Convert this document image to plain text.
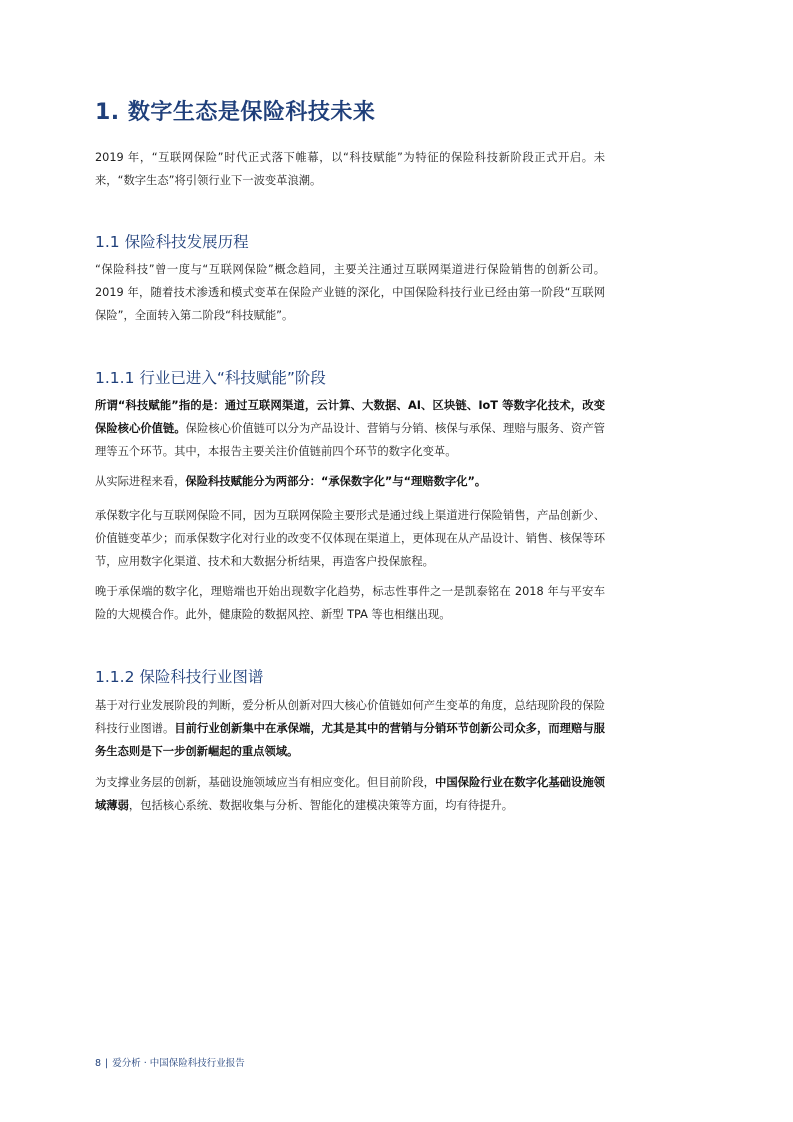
1. 数字生态是保险科技未来
2019 年，“互联网保险”时代正式落下帷幕，以“科技赋能”为特征的保险科技新阶段正式开启。未来，“数字生态”将引领行业下一波变革浪潮。
1.1 保险科技发展历程
“保险科技”曾一度与“互联网保险”概念趋同，主要关注通过互联网渠道进行保险销售的创新公司。2019 年，随着技术渗透和模式变革在保险产业链的深化，中国保险科技行业已经由第一阶段“互联网保险”，全面转入第二阶段“科技赋能”。
1.1.1 行业已进入“科技赋能”阶段
所谓“科技赋能”指的是：通过互联网渠道，云计算、大数据、AI、区块链、IoT 等数字化技术，改变保险核心价值链。保险核心价值链可以分为产品设计、营销与分销、核保与承保、理赔与服务、资产管理等五个环节。其中，本报告主要关注价值链前四个环节的数字化变革。
从实际进程来看，保险科技赋能分为两部分：“承保数字化”与“理赔数字化”。
承保数字化与互联网保险不同，因为互联网保险主要形式是通过线上渠道进行保险销售，产品创新少、价值链变革少；而承保数字化对行业的改变不仅体现在渠道上，更体现在从产品设计、销售、核保等环节，应用数字化渠道、技术和大数据分析结果，再造客户投保旅程。
晚于承保端的数字化，理赔端也开始出现数字化趋势，标志性事件之一是凯泰铭在 2018 年与平安车险的大规模合作。此外，健康险的数据风控、新型 TPA 等也相继出现。
1.1.2 保险科技行业图谱
基于对行业发展阶段的判断，爱分析从创新对四大核心价值链如何产生变革的角度，总结现阶段的保险科技行业图谱。目前行业创新集中在承保端，尤其是其中的营销与分销环节创新公司众多，而理赔与服务生态则是下一步创新崛起的重点领域。
为支撑业务层的创新，基础设施领域应当有相应变化。但目前阶段，中国保险行业在数字化基础设施领域薄弱，包括核心系统、数据收集与分析、智能化的建模决策等方面，均有待提升。
8 | 爱分析 · 中国保险科技行业报告
